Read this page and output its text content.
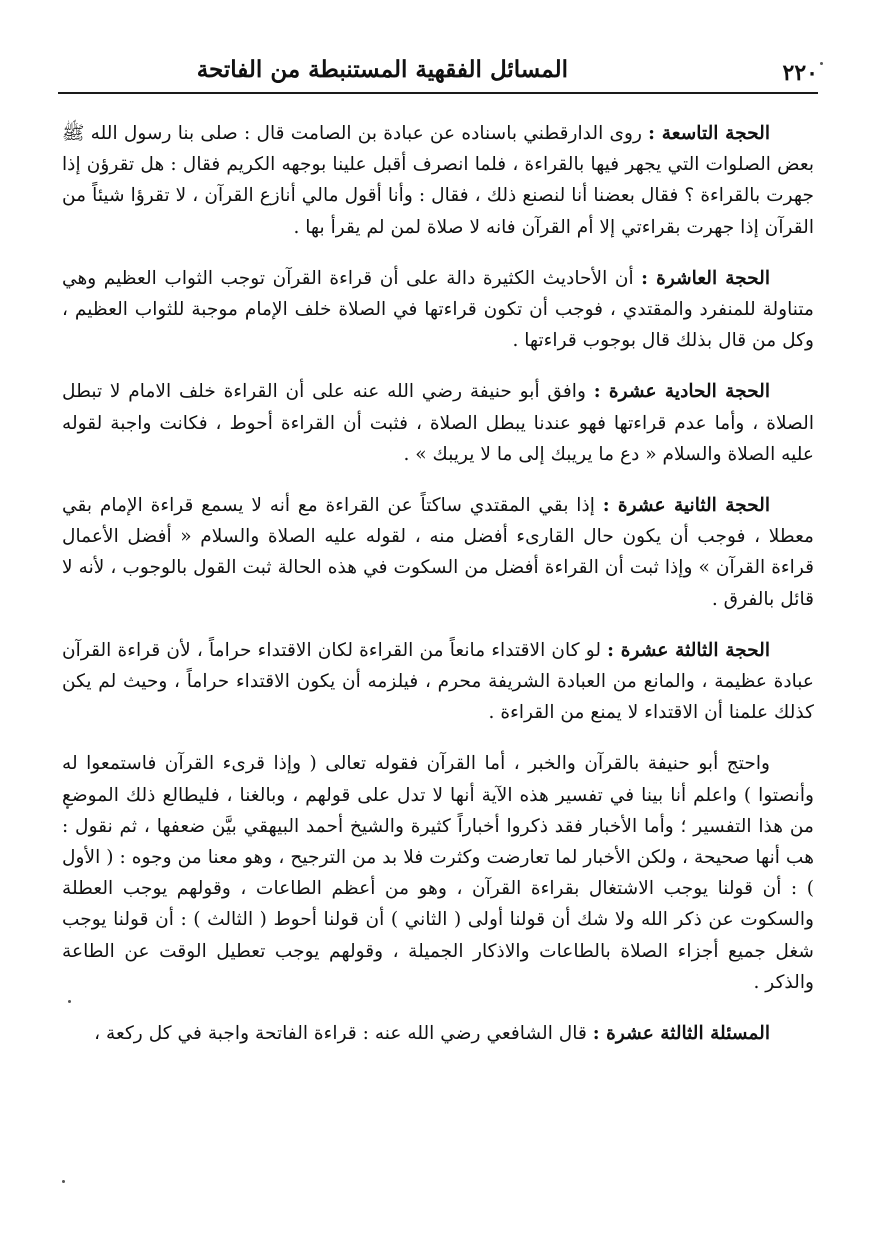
٢٢٠
المسائل الفقهية المستنبطة من الفاتحة

الحجة التاسعة : روى الدارقطني باسناده عن عبادة بن الصامت قال : صلى بنا رسول الله ﷺ بعض الصلوات التي يجهر فيها بالقراءة ، فلما انصرف أقبل علينا بوجهه الكريم فقال : هل تقرؤن إذا جهرت بالقراءة ؟ فقال بعضنا أنا لنصنع ذلك ، فقال : وأنا أقول مالي أنازع القرآن ، لا تقرؤا شيئاً من القرآن إذا جهرت بقراءتي إلا أم القرآن فانه لا صلاة لمن لم يقرأ بها .

الحجة العاشرة : أن الأحاديث الكثيرة دالة على أن قراءة القرآن توجب الثواب العظيم وهي متناولة للمنفرد والمقتدي ، فوجب أن تكون قراءتها في الصلاة خلف الإمام موجبة للثواب العظيم ، وكل من قال بذلك قال بوجوب قراءتها .

الحجة الحادية عشرة : وافق أبو حنيفة رضي الله عنه على أن القراءة خلف الامام لا تبطل الصلاة ، وأما عدم قراءتها فهو عندنا يبطل الصلاة ، فثبت أن القراءة أحوط ، فكانت واجبة لقوله عليه الصلاة والسلام « دع ما يريبك إلى ما لا يريبك » .

الحجة الثانية عشرة : إذا بقي المقتدي ساكتاً عن القراءة مع أنه لا يسمع قراءة الإمام بقي معطلا ، فوجب أن يكون حال القارىء أفضل منه ، لقوله عليه الصلاة والسلام « أفضل الأعمال قراءة القرآن » وإذا ثبت أن القراءة أفضل من السكوت في هذه الحالة ثبت القول بالوجوب ، لأنه لا قائل بالفرق .

الحجة الثالثة عشرة : لو كان الاقتداء مانعاً من القراءة لكان الاقتداء حراماً ، لأن قراءة القرآن عبادة عظيمة ، والمانع من العبادة الشريفة محرم ، فيلزمه أن يكون الاقتداء حراماً ، وحيث لم يكن كذلك علمنا أن الاقتداء لا يمنع من القراءة .

واحتج أبو حنيفة بالقرآن والخبر ، أما القرآن فقوله تعالى ( وإذا قرىء القرآن فاستمعوا له وأنصتوا ) واعلم أنا بينا في تفسير هذه الآية أنها لا تدل على قولهم ، وبالغنا ، فليطالع ذلك الموضع من هذا التفسير ؛ وأما الأخبار فقد ذكروا أخباراً كثيرة والشيخ أحمد البيهقي بيَّن ضعفها ، ثم نقول : هب أنها صحيحة ، ولكن الأخبار لما تعارضت وكثرت فلا بد من الترجيح ، وهو معنا من وجوه : ( الأول ) : أن قولنا يوجب الاشتغال بقراءة القرآن ، وهو من أعظم الطاعات ، وقولهم يوجب العطلة والسكوت عن ذكر الله ولا شك أن قولنا أولى ( الثاني ) أن قولنا أحوط ( الثالث ) : أن قولنا يوجب شغل جميع أجزاء الصلاة بالطاعات والاذكار الجميلة ، وقولهم يوجب تعطيل الوقت عن الطاعة والذكر .

المسئلة الثالثة عشرة : قال الشافعي رضي الله عنه : قراءة الفاتحة واجبة في كل ركعة ،
